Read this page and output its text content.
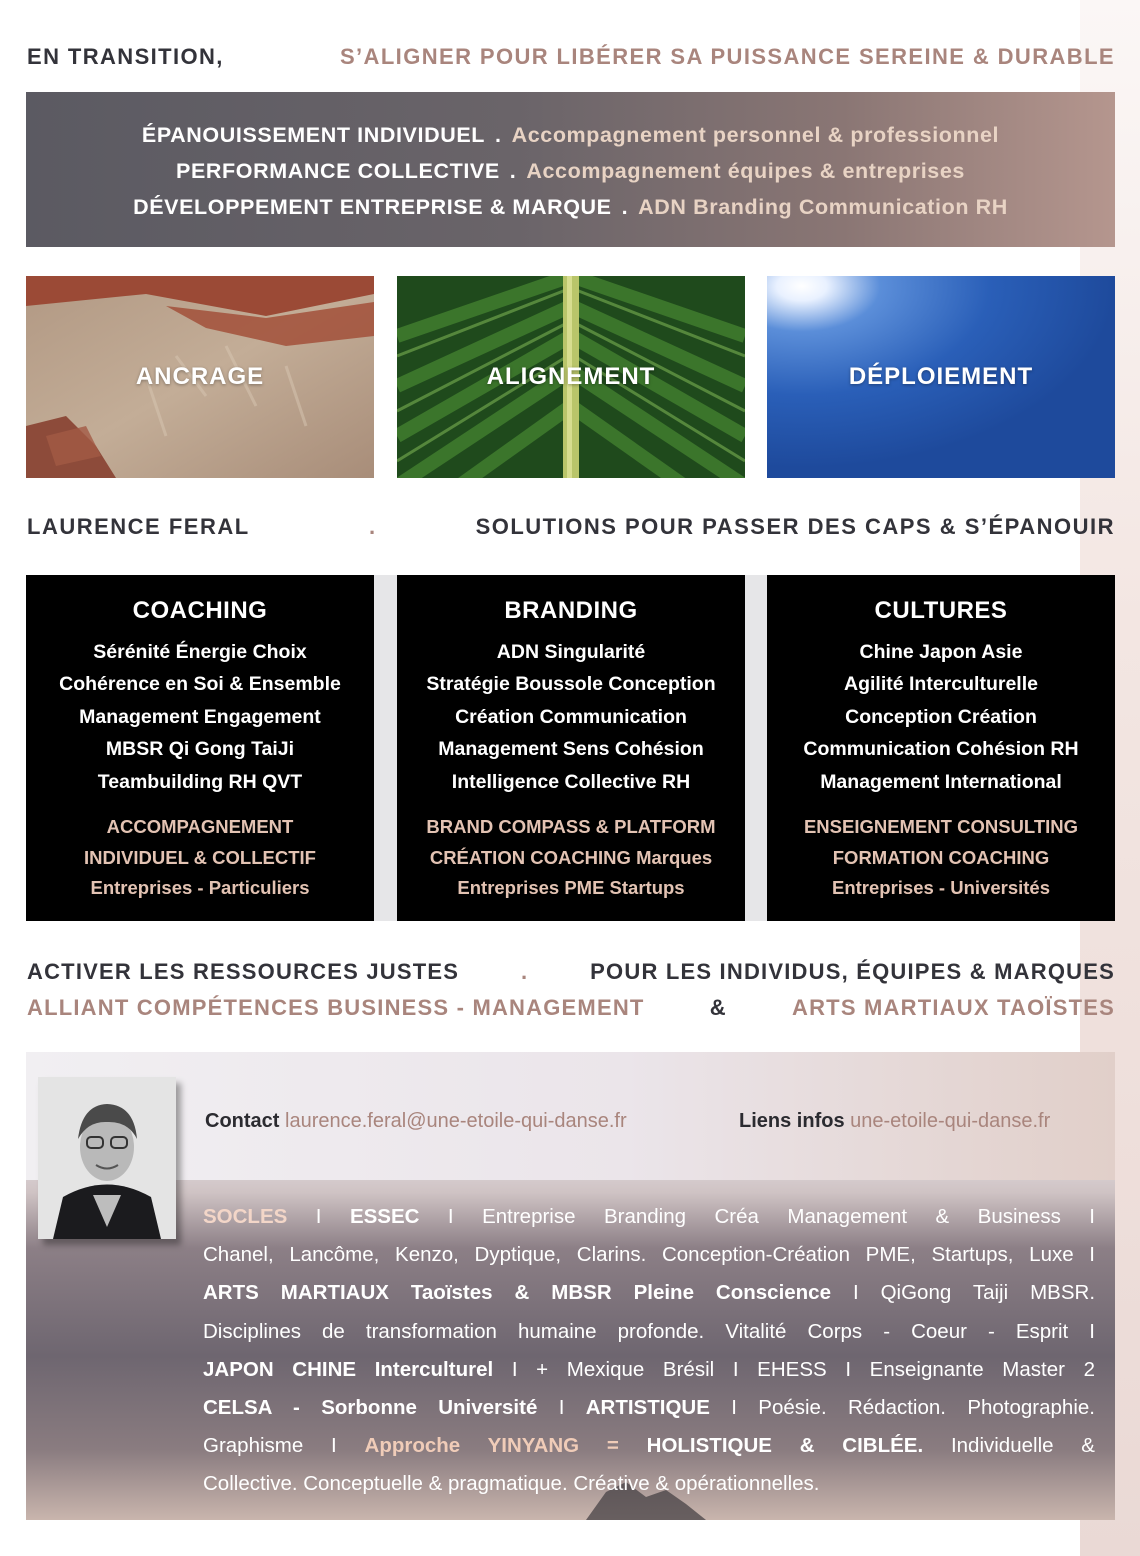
EN TRANSITION,	S’ALIGNER POUR LIBÉRER SA PUISSANCE SEREINE & DURABLE
ÉPANOUISSEMENT INDIVIDUEL . Accompagnement personnel & professionnel
PERFORMANCE COLLECTIVE . Accompagnement équipes & entreprises
DÉVELOPPEMENT ENTREPRISE & MARQUE . ADN Branding Communication RH
ANCRAGE	ALIGNEMENT	DÉPLOIEMENT
LAURENCE FERAL	.	SOLUTIONS POUR PASSER DES CAPS & S’ÉPANOUIR
COACHING
Sérénité Énergie Choix
Cohérence en Soi & Ensemble
Management Engagement
MBSR Qi Gong TaiJi
Teambuilding RH QVT
ACCOMPAGNEMENT
INDIVIDUEL & COLLECTIF
Entreprises - Particuliers
BRANDING
ADN Singularité
Stratégie Boussole Conception
Création Communication
Management Sens Cohésion
Intelligence Collective RH
BRAND COMPASS & PLATFORM
CRÉATION COACHING Marques
Entreprises PME Startups
CULTURES
Chine Japon Asie
Agilité Interculturelle
Conception Création
Communication Cohésion RH
Management International
ENSEIGNEMENT CONSULTING
FORMATION COACHING
Entreprises - Universités
ACTIVER LES RESSOURCES JUSTES	.	POUR LES INDIVIDUS, ÉQUIPES & MARQUES
ALLIANT COMPÉTENCES BUSINESS - MANAGEMENT	&	ARTS MARTIAUX TAOÏSTES
Contact laurence.feral@une-etoile-qui-danse.fr	Liens infos une-etoile-qui-danse.fr
SOCLES I ESSEC I Entreprise Branding Créa Management & Business I
Chanel, Lancôme, Kenzo, Dyptique, Clarins. Conception-Création PME, Startups, Luxe I
ARTS MARTIAUX Taoïstes & MBSR Pleine Conscience I QiGong Taiji MBSR.
Disciplines de transformation humaine profonde. Vitalité Corps - Coeur - Esprit I
JAPON CHINE Interculturel I + Mexique Brésil I EHESS I Enseignante Master 2
CELSA - Sorbonne Université I ARTISTIQUE I Poésie. Rédaction. Photographie.
Graphisme I Approche YINYANG = HOLISTIQUE & CIBLÉE. Individuelle &
Collective. Conceptuelle & pragmatique. Créative & opérationnelles.
